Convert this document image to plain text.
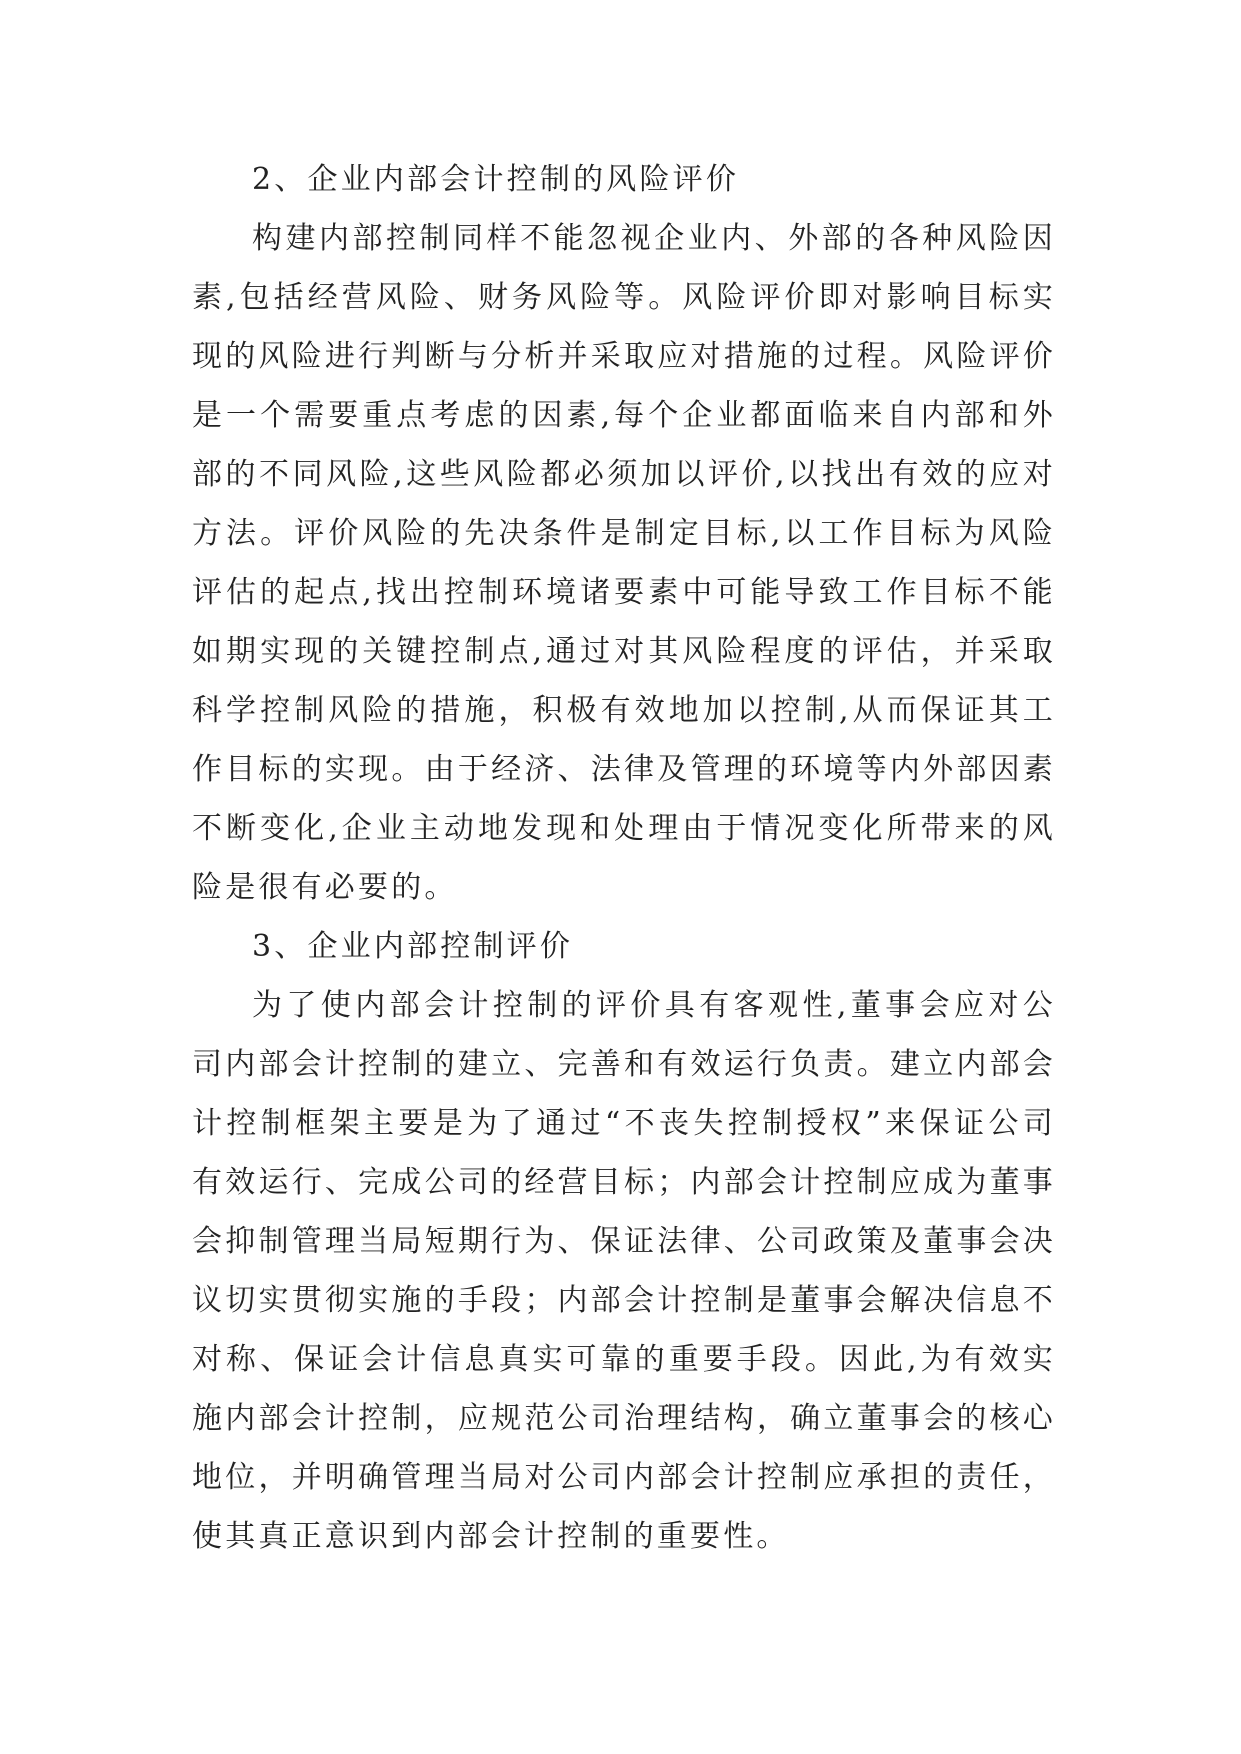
2、企业内部会计控制的风险评价

构建内部控制同样不能忽视企业内、外部的各种风险因素,包括经营风险、财务风险等。风险评价即对影响目标实现的风险进行判断与分析并采取应对措施的过程。风险评价是一个需要重点考虑的因素,每个企业都面临来自内部和外部的不同风险,这些风险都必须加以评价,以找出有效的应对方法。评价风险的先决条件是制定目标,以工作目标为风险评估的起点,找出控制环境诸要素中可能导致工作目标不能如期实现的关键控制点,通过对其风险程度的评估，并采取科学控制风险的措施，积极有效地加以控制,从而保证其工作目标的实现。由于经济、法律及管理的环境等内外部因素不断变化,企业主动地发现和处理由于情况变化所带来的风险是很有必要的。

3、企业内部控制评价

为了使内部会计控制的评价具有客观性,董事会应对公司内部会计控制的建立、完善和有效运行负责。建立内部会计控制框架主要是为了通过“不丧失控制授权”来保证公司有效运行、完成公司的经营目标；内部会计控制应成为董事会抑制管理当局短期行为、保证法律、公司政策及董事会决议切实贯彻实施的手段；内部会计控制是董事会解决信息不对称、保证会计信息真实可靠的重要手段。因此,为有效实施内部会计控制，应规范公司治理结构，确立董事会的核心地位，并明确管理当局对公司内部会计控制应承担的责任，使其真正意识到内部会计控制的重要性。
